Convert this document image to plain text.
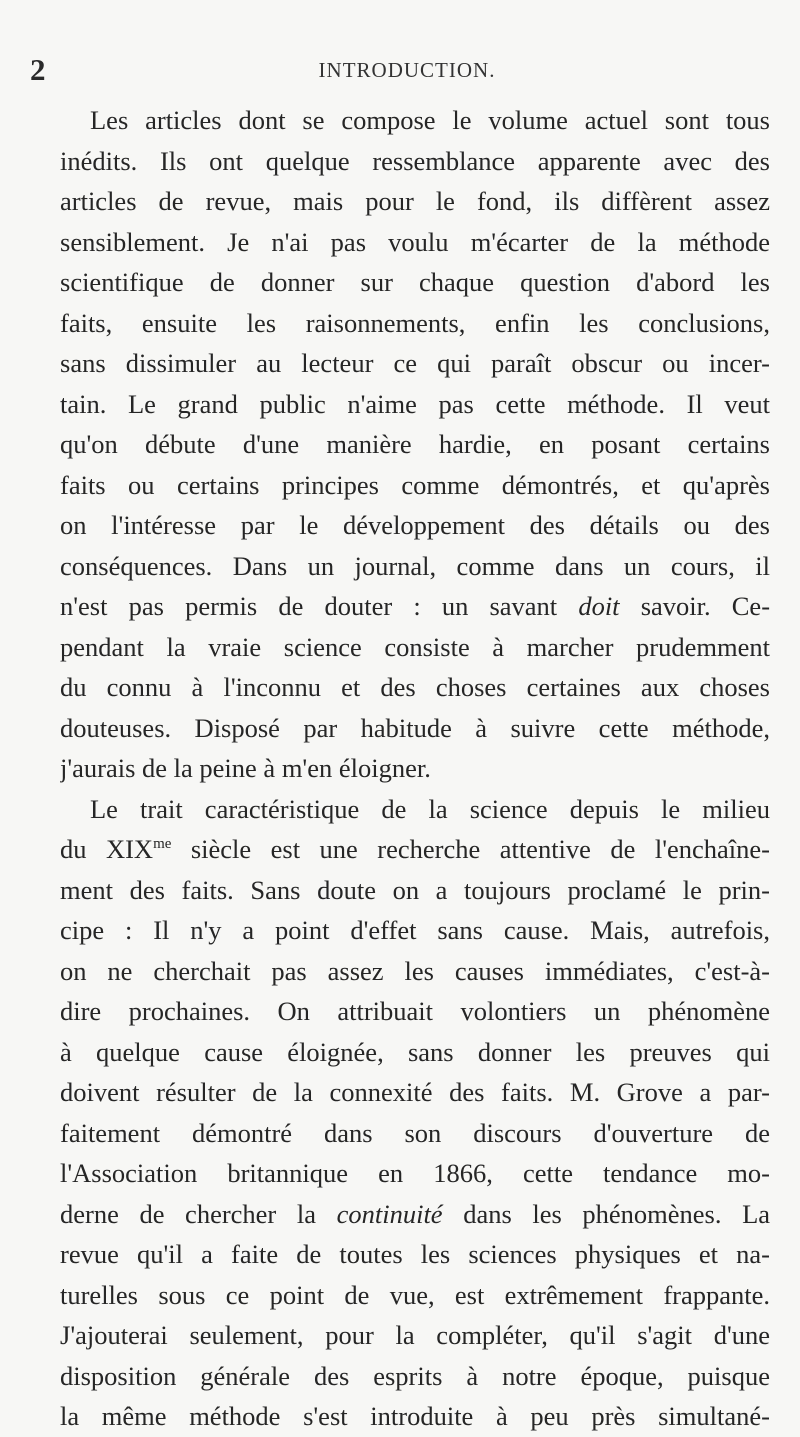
2	INTRODUCTION.
Les articles dont se compose le volume actuel sont tous
inédits. Ils ont quelque ressemblance apparente avec des
articles de revue, mais pour le fond, ils diffèrent assez
sensiblement. Je n'ai pas voulu m'écarter de la méthode
scientifique de donner sur chaque question d'abord les
faits, ensuite les raisonnements, enfin les conclusions,
sans dissimuler au lecteur ce qui paraît obscur ou incer-
tain. Le grand public n'aime pas cette méthode. Il veut
qu'on débute d'une manière hardie, en posant certains
faits ou certains principes comme démontrés, et qu'après
on l'intéresse par le développement des détails ou des
conséquences. Dans un journal, comme dans un cours, il
n'est pas permis de douter : un savant doit savoir. Ce-
pendant la vraie science consiste à marcher prudemment
du connu à l'inconnu et des choses certaines aux choses
douteuses. Disposé par habitude à suivre cette méthode,
j'aurais de la peine à m'en éloigner.
Le trait caractéristique de la science depuis le milieu
du $XIX^{me}$ siècle est une recherche attentive de l'enchaîne-
ment des faits. Sans doute on a toujours proclamé le prin-
cipe : Il n'y a point d'effet sans cause. Mais, autrefois,
on ne cherchait pas assez les causes immédiates, c'est-à-
dire prochaines. On attribuait volontiers un phénomène
à quelque cause éloignée, sans donner les preuves qui
doivent résulter de la connexité des faits. M. Grove a par-
faitement démontré dans son discours d'ouverture de
l'Association britannique en 1866, cette tendance mo-
derne de chercher la continuité dans les phénomènes. La
revue qu'il a faite de toutes les sciences physiques et na-
turelles sous ce point de vue, est extrêmement frappante.
J'ajouterai seulement, pour la compléter, qu'il s'agit d'une
disposition générale des esprits à notre époque, puisque
la même méthode s'est introduite à peu près simultané-
